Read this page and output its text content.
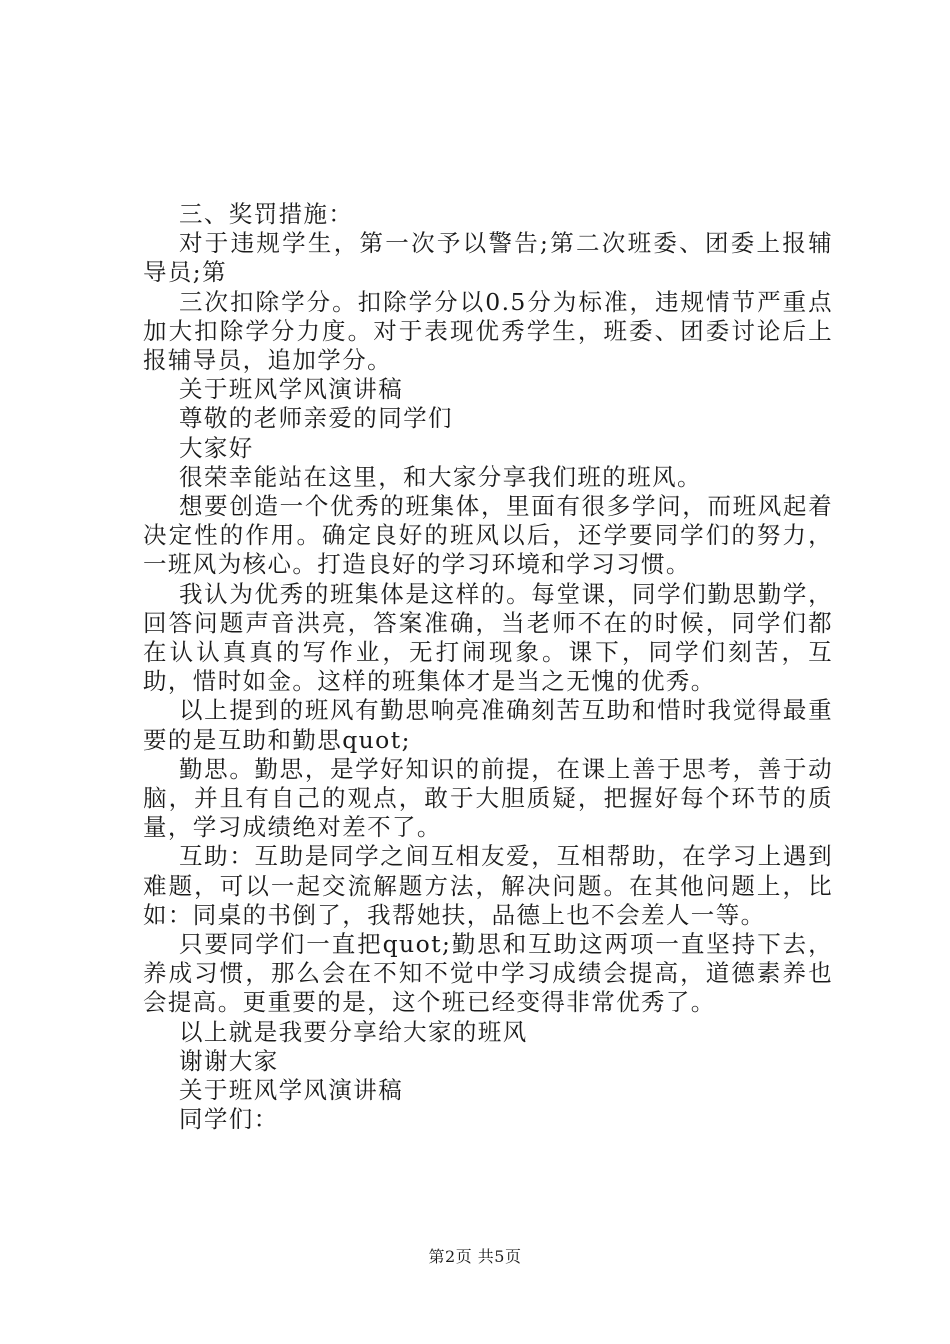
三、奖罚措施：

对于违规学生，第一次予以警告;第二次班委、团委上报辅导员;第

三次扣除学分。扣除学分以0.5分为标准，违规情节严重点加大扣除学分力度。对于表现优秀学生，班委、团委讨论后上报辅导员，追加学分。

关于班风学风演讲稿

尊敬的老师亲爱的同学们

大家好

很荣幸能站在这里，和大家分享我们班的班风。

想要创造一个优秀的班集体，里面有很多学问，而班风起着决定性的作用。确定良好的班风以后，还学要同学们的努力，一班风为核心。打造良好的学习环境和学习习惯。

我认为优秀的班集体是这样的。每堂课，同学们勤思勤学，回答问题声音洪亮，答案准确，当老师不在的时候，同学们都在认认真真的写作业，无打闹现象。课下，同学们刻苦，互助，惜时如金。这样的班集体才是当之无愧的优秀。

以上提到的班风有勤思响亮准确刻苦互助和惜时我觉得最重要的是互助和勤思quot;

勤思。勤思，是学好知识的前提，在课上善于思考，善于动脑，并且有自己的观点，敢于大胆质疑，把握好每个环节的质量，学习成绩绝对差不了。

互助：互助是同学之间互相友爱，互相帮助，在学习上遇到难题，可以一起交流解题方法，解决问题。在其他问题上，比如：同桌的书倒了，我帮她扶，品德上也不会差人一等。

只要同学们一直把quot;勤思和互助这两项一直坚持下去，养成习惯，那么会在不知不觉中学习成绩会提高，道德素养也会提高。更重要的是，这个班已经变得非常优秀了。

以上就是我要分享给大家的班风

谢谢大家

关于班风学风演讲稿

同学们：

第2页 共5页
